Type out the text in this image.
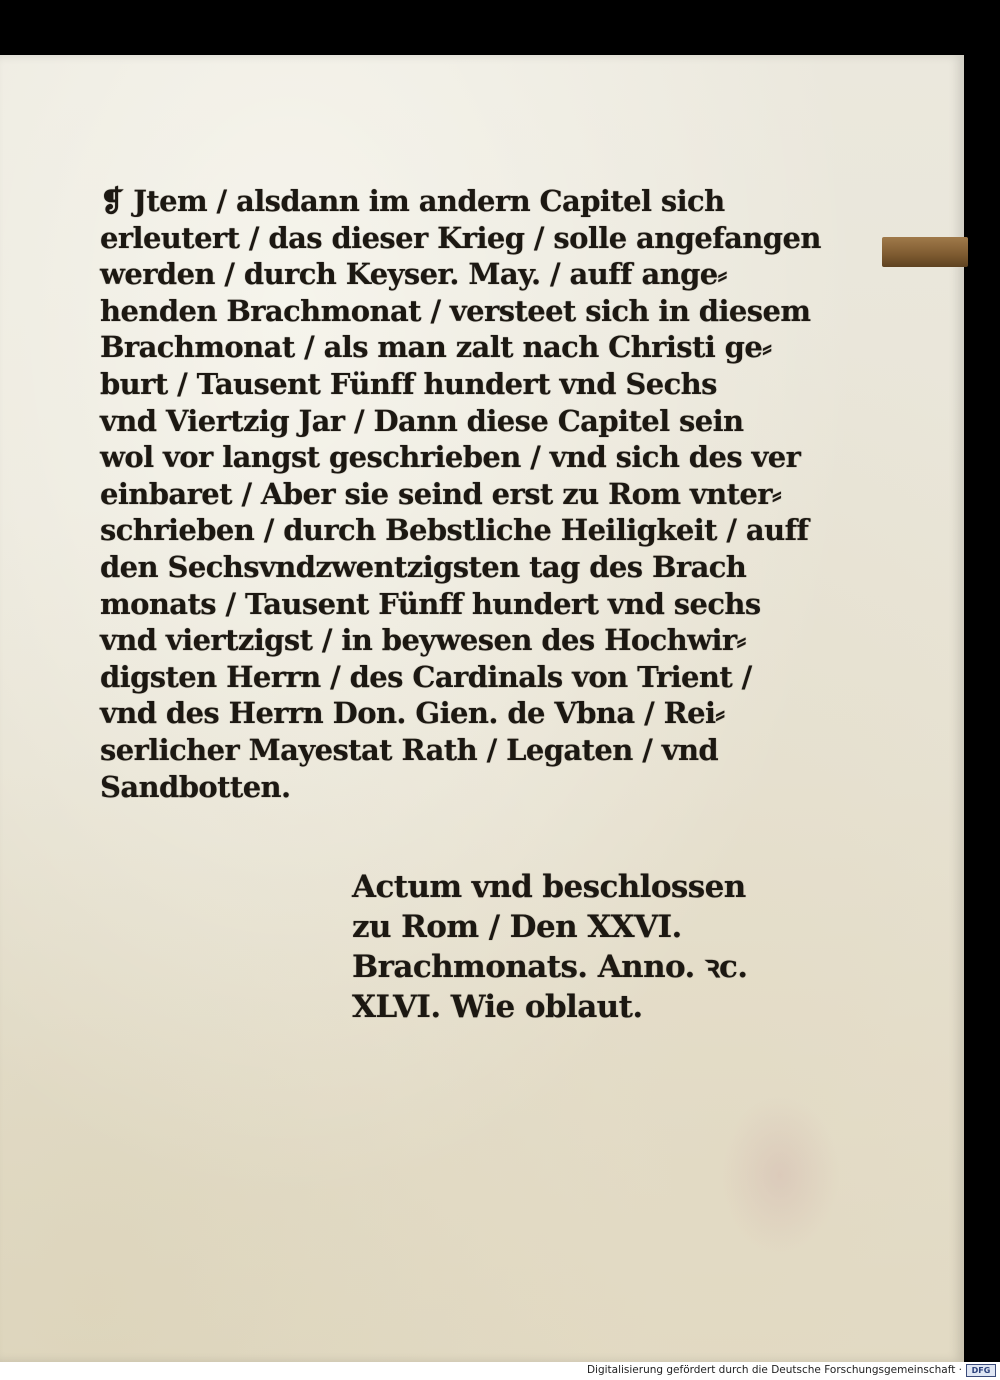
❡ Jtem / alsdann im andern Capitel sich
erleutert / das dieser Krieg / solle angefangen
werden / durch Keyser. May. / auff ange⸗
henden Brachmonat / versteet sich in diesem
Brachmonat / als man zalt nach Christi ge⸗
burt / Tausent Fünff hundert vnd Sechs
vnd Viertzig Jar / Dann diese Capitel sein
wol vor langst geschrieben / vnd sich des ver
einbaret / Aber sie seind erst zu Rom vnter⸗
schrieben / durch Bebstliche Heiligkeit / auff
den Sechsvndzwentzigsten tag des Brach
monats / Tausent Fünff hundert vnd sechs
vnd viertzigst / in beywesen des Hochwir⸗
digsten Herrn / des Cardinals von Trient /
vnd des Herrn Don. Gien. de Vbna / Rei⸗
serlicher Mayestat Rath / Legaten / vnd
Sandbotten.
Actum vnd beschlossen
zu Rom / Den XXVI.
Brachmonats. Anno. ꝛc.
XLVI. Wie oblaut.
Digitalisierung gefördert durch die Deutsche Forschungsgemeinschaft ·	DFG
